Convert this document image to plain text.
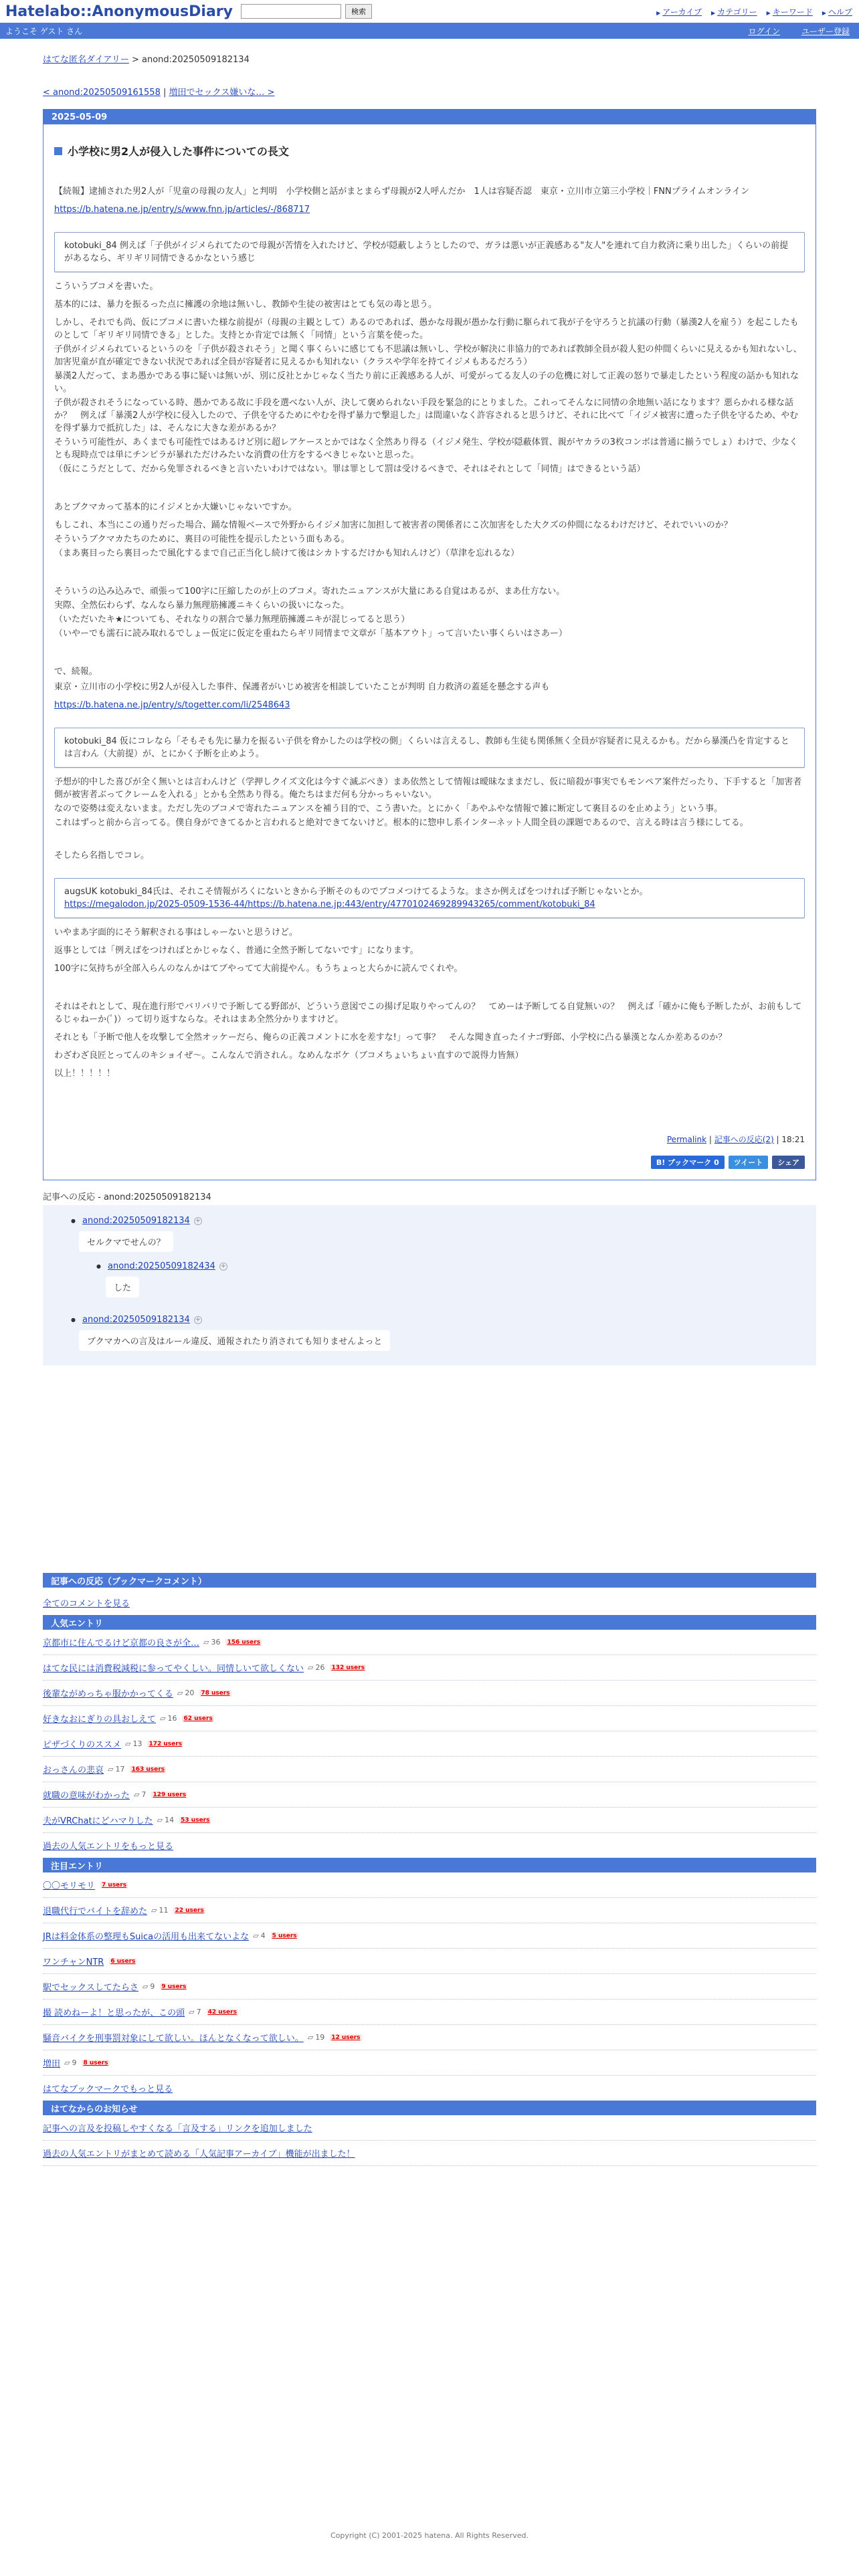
Hatelabo::AnonymousDiary	検索	▶ アーカイブ	▶ カテゴリー	▶ キーワード	▶ ヘルプ
ようこそ ゲスト さん	ログイン	ユーザー登録
はてな匿名ダイアリー > anond:20250509182134
< anond:20250509161558 | 増田でセックス嫌いな… >
2025-05-09
小学校に男2人が侵入した事件についての長文

【続報】逮捕された男2人が「児童の母親の友人」と判明　小学校側と話がまとまらず母親が2人呼んだか　1人は容疑否認　東京・立川市立第三小学校｜FNNプライムオンライン

https://b.hatena.ne.jp/entry/s/www.fnn.jp/articles/-/868717

kotobuki_84 例えば「子供がイジメられてたので母親が苦情を入れたけど、学校が隠蔽しようとしたので、ガラは悪いが正義感ある"友人"を連れて自力救済に乗り出した」くらいの前提があるなら、ギリギリ同情できるかなという感じ

こういうブコメを書いた。

基本的には、暴力を振るった点に擁護の余地は無いし、教師や生徒の被害はとても気の毒と思う。

しかし、それでも尚、仮にブコメに書いた様な前提が（母親の主観として）あるのであれば、愚かな母親が愚かな行動に駆られて我が子を守ろうと抗議の行動（暴漢2人を雇う）を起こしたものとして「ギリギリ同情できる」とした。支持とか肯定では無く「同情」という言葉を使った。

子供がイジメられているというのを「子供が殺されそう」と聞く事くらいに感じても不思議は無いし、学校が解決に非協力的であれば教師全員が殺人犯の仲間くらいに見えるかも知れないし、加害児童が直が確定できない状況であれば全員が容疑者に見えるかも知れない（クラスや学年を持てイジメもあるだろう）

暴漢2人だって、まあ愚かである事に疑いは無いが、別に反社とかじゃなく当たり前に正義感ある人が、可愛がってる友人の子の危機に対して正義の怒りで暴走したという程度の話かも知れない。

子供が殺されそうになっている時、愚かである故に手段を選べない人が、決して褒められない手段を緊急的にとりました。これってそんなに同情の余地無い話になります？悪らかれる様な話か？　例えば「暴漢2人が学校に侵入したので、子供を守るためにやむを得ず暴力で撃退した」は間違いなく許容されると思うけど、それに比べて「イジメ被害に遭った子供を守るため、やむを得ず暴力で抵抗した」は、そんなに大きな差があるか？

そういう可能性が、あくまでも可能性ではあるけど別に超レアケースとかではなく全然あり得る（イジメ発生、学校が隠蔽体質、親がヤカラの3枚コンボは普通に揃うでしょ）わけで、少なくとも現時点では単にチンピラが暴れただけみたいな消費の仕方をするべきじゃないと思った。

（仮にこうだとして、だから免罪されるべきと言いたいわけではない。罪は罪として罰は受けるべきで、それはそれとして「同情」はできるという話）

あとブクマカって基本的にイジメとか大嫌いじゃないですか。

もしこれ、本当にこの通りだった場合、踊な情報ベースで外野からイジメ加害に加担して被害者の関係者にこ次加害をした大クズの仲間になるわけだけど、それでいいのか？

そういうブクマカたちのために、裏目の可能性を提示したという面もある。

（まあ裏目ったら裏目ったで風化するまで自己正当化し続けて後はシカトするだけかも知れんけど）（草津を忘れるな）

そういうの込み込みで、頑張って100字に圧縮したのが上のブコメ。寄れたニュアンスが大量にある自覚はあるが、まあ仕方ない。

実際、全然伝わらず、なんなら暴力無理筋擁護ニキくらいの扱いになった。

（いただいたキ★についても、それなりの割合で暴力無理筋擁護ニキが混じってると思う）

（いやーでも濡石に読み取れるでしょー仮定に仮定を重ねたらギリ同情まで文章が「基本アウト」って言いたい事くらいはさあー）

で、続報。

東京・立川市の小学校に男2人が侵入した事件、保護者がいじめ被害を相談していたことが判明 自力救済の蓋延を懸念する声も

https://b.hatena.ne.jp/entry/s/togetter.com/li/2548643

kotobuki_84 仮にコレなら「そもそも先に暴力を振るい子供を脅かしたのは学校の側」くらいは言えるし、教師も生徒も関係無く全員が容疑者に見えるかも。だから暴漢凸を肯定するとは言わん（大前提）が、とにかく予断を止めよう。

予想が的中した喜びが全く無いとは言わんけど（学押しクイズ文化は今すぐ滅ぶべき）まあ依然として情報は曖昧なままだし、仮に暗殺が事実でもモンペア案件だったり、下手すると「加害者側が被害者ぶってクレームを入れる」とかも全然あり得る。俺たちはまだ何も分かっちゃいない。

なので姿勢は変えないまま。ただし先のブコメで寄れたニュアンスを補う目的で、こう書いた。とにかく「あやふやな情報で雑に断定して裏目るのを止めよう」という事。

これはずっと前から言ってる。僕自身ができてるかと言われると絶対できてないけど。根本的に惣申し系インターネット人間全員の課題であるので、言える時は言う様にしてる。

そしたら名指しでコレ。

augsUK kotobuki_84氏は、それこそ情報がろくにないときから予断そのものでブコメつけてるような。まさか例えばをつければ予断じゃないとか。
https://megalodon.jp/2025-0509-1536-44/https://b.hatena.ne.jp:443/entry/4770102469289943265/comment/kotobuki_84

いやまあ字面的にそう解釈される事はしゃーないと思うけど。

返事としては「例えばをつければとかじゃなく、普通に全然予断してないです」になります。

100字に気持ちが全部入らんのなんかはてブやってて大前提やん。もうちょっと大らかに読んでくれや。

それはそれとして、現在進行形でバリバリで予断してる野郎が、どういう意図でこの揚げ足取りやってんの？　てめーは予断してる自覚無いの？　例えば「確かに俺も予断したが、お前もしてるじゃねーか(ﾟ)）って切り返すならな。それはまあ全然分かりますけど。

それとも「予断で他人を攻撃して全然オッケーだら、俺らの正義コメントに水を差すな!」って事？　そんな聞き直ったイナゴ野郎、小学校に凸る暴漢となんか差あるのか？

わざわざ良匠とってんのキショイぜ〜。こんなんで消されん。なめんなボケ（ブコメちょいちょい直すので説得力皆無）

以上！！！！！

Permalink | 記事への反応(2) | 18:21
B! ブックマーク 0	ツイート	シェア
記事への反応 - anond:20250509182134
● anond:20250509182134 +
セルクマでせんの？
● anond:20250509182434 +
した
● anond:20250509182134 +
ブクマカへの言及はルール違反、通報されたり消されても知りませんよっと
記事への反応（ブックマークコメント）
全てのコメントを見る
人気エントリ
京都市に住んでるけど京都の良さが全…	▱ 36 156 users
はてな民には消費税減税に参ってやくしい。同情しいて欲しくない	▱ 26 132 users
後輩ながめっちゃ服かかってくる	▱ 20 78 users
好きなおにぎりの具おしえて	▱ 16 62 users
ピザづくりのススメ	▱ 13 172 users
おっさんの悲哀	▱ 17 163 users
就職の意味がわかった	▱ 7 129 users
夫がVRChatにどハマりした	▱ 14 53 users
過去の人気エントリをもっと見る
注目エントリ
〇〇モリモリ 7 users
退職代行でバイトを辞めた	▱ 11 22 users
JRは料金体系の整理もSuicaの活用も出来てないよな	▱ 4 5 users
ワンチャンNTR 6 users
駅でセックスしてたらさ	▱ 9 9 users
撮 読めねーよ！と思ったが、この頭	▱ 7 42 users
騒音バイクを刑事罰対象にして欲しい。ほんとなくなって欲しい。	▱ 19 12 users
増田	▱ 9 8 users
はてなブックマークでもっと見る
はてなからのお知らせ
記事への言及を投稿しやすくなる「言及する」リンクを追加しました
過去の人気エントリがまとめて読める「人気記事アーカイブ」機能が出ました！
Copyright (C) 2001-2025 hatena. All Rights Reserved.
